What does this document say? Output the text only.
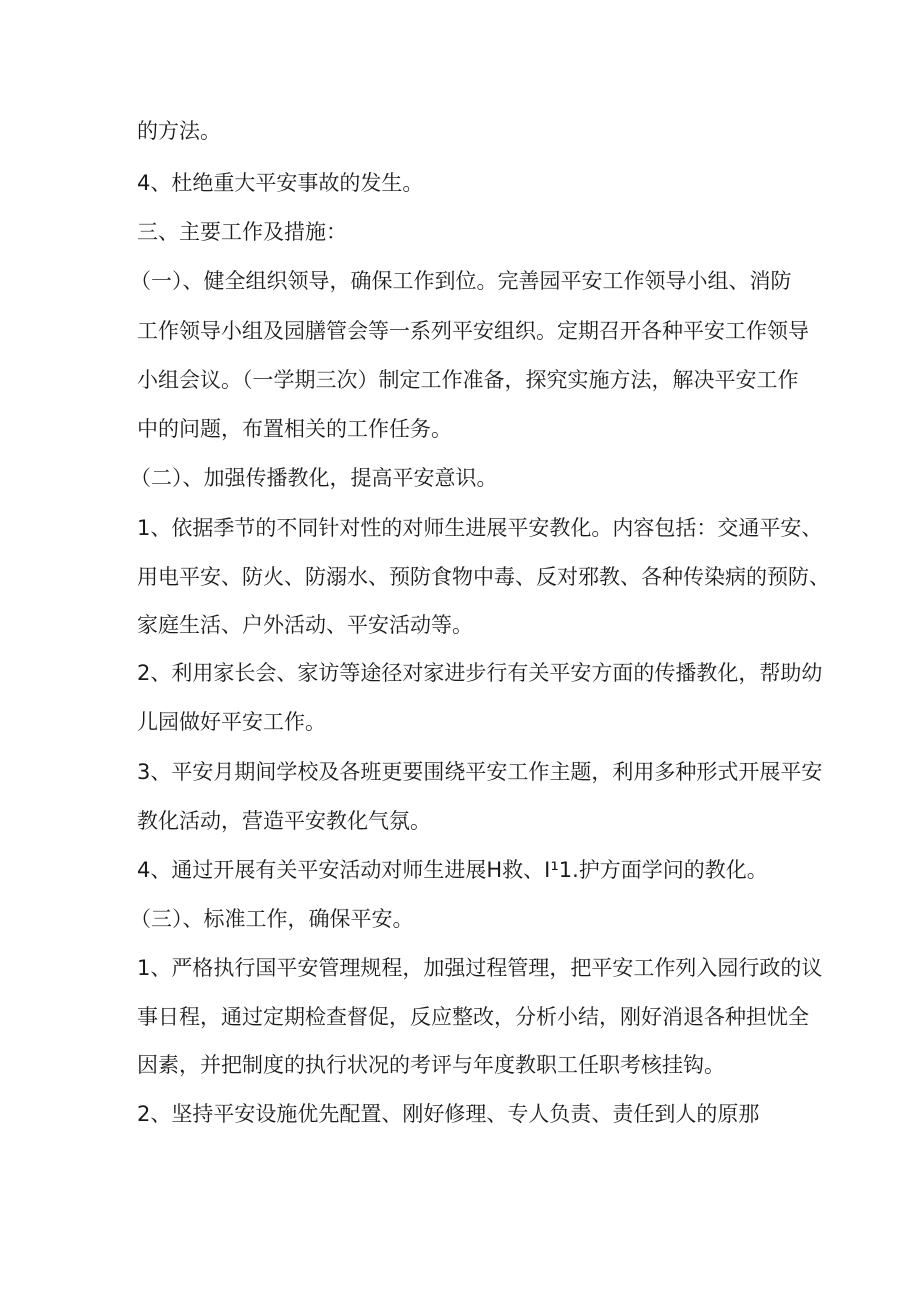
的方法。
4、杜绝重大平安事故的发生。
三、主要工作及措施：
（一）、健全组织领导，确保工作到位。完善园平安工作领导小组、消防
工作领导小组及园膳管会等一系列平安组织。定期召开各种平安工作领导
小组会议。（一学期三次）制定工作准备，探究实施方法，解决平安工作
中的问题，布置相关的工作任务。
（二）、加强传播教化，提高平安意识。
1、依据季节的不同针对性的对师生进展平安教化。内容包括：交通平安、
用电平安、防火、防溺水、预防食物中毒、反对邪教、各种传染病的预防、
家庭生活、户外活动、平安活动等。
2、利用家长会、家访等途径对家进步行有关平安方面的传播教化，帮助幼
儿园做好平安工作。
3、平安月期间学校及各班更要围绕平安工作主题，利用多种形式开展平安
教化活动，营造平安教化气氛。
4、通过开展有关平安活动对师生进展H救、I¹1.护方面学问的教化。
（三）、标准工作，确保平安。
1、严格执行国平安管理规程，加强过程管理，把平安工作列入园行政的议
事日程，通过定期检查督促，反应整改，分析小结，刚好消退各种担忧全
因素，并把制度的执行状况的考评与年度教职工任职考核挂钩。
2、坚持平安设施优先配置、刚好修理、专人负责、责任到人的原那
